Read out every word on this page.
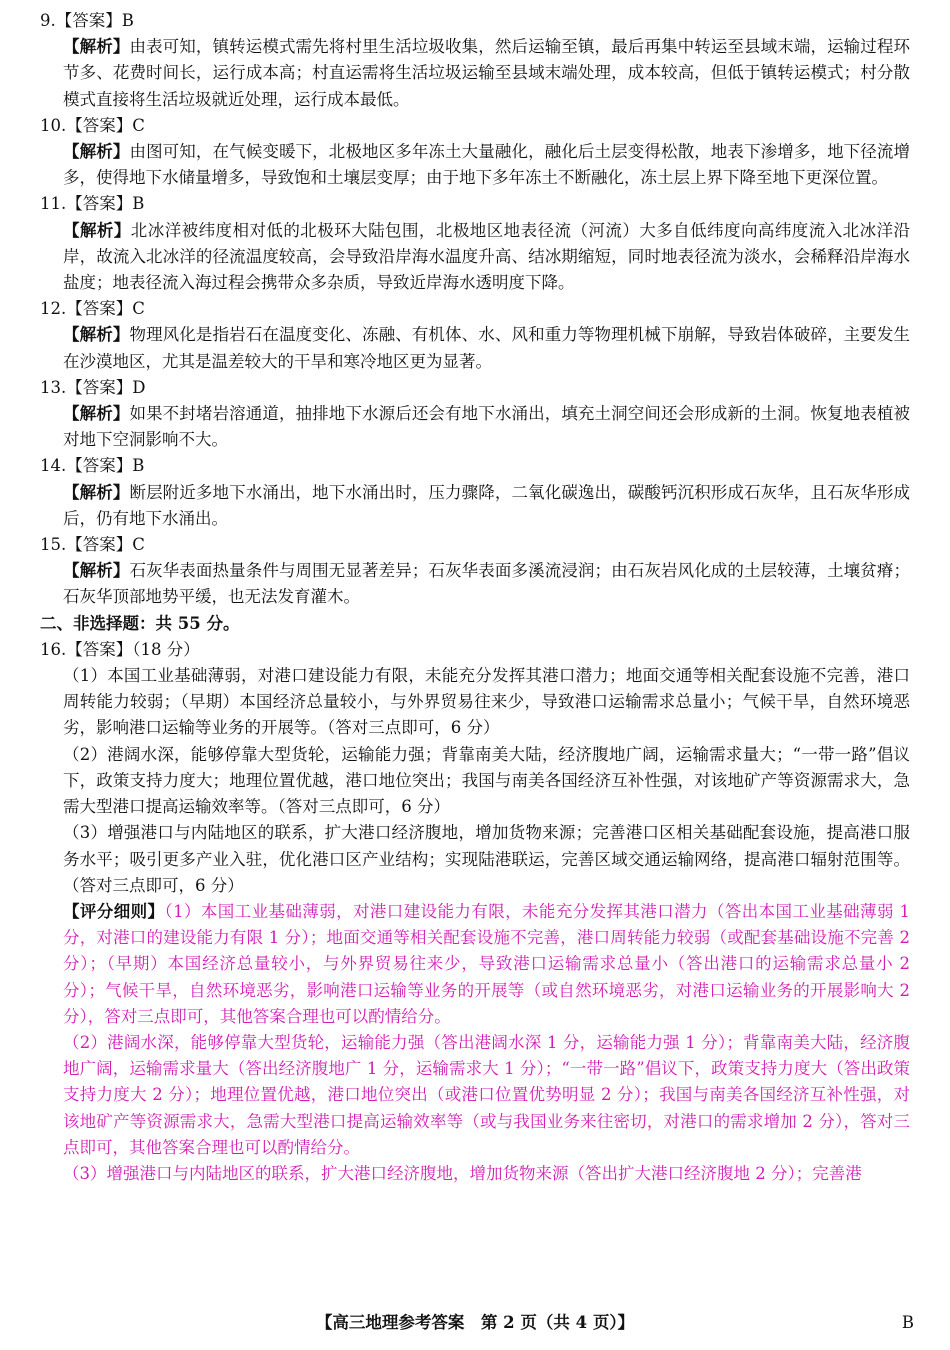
9.【答案】B

【解析】由表可知，镇转运模式需先将村里生活垃圾收集，然后运输至镇，最后再集中转运至县域末端，运输过程环节多、花费时间长，运行成本高；村直运需将生活垃圾运输至县域末端处理，成本较高，但低于镇转运模式；村分散模式直接将生活垃圾就近处理，运行成本最低。

10.【答案】C

【解析】由图可知，在气候变暖下，北极地区多年冻土大量融化，融化后土层变得松散，地表下渗增多，地下径流增多，使得地下水储量增多，导致饱和土壤层变厚；由于地下多年冻土不断融化，冻土层上界下降至地下更深位置。

11.【答案】B

【解析】北冰洋被纬度相对低的北极环大陆包围，北极地区地表径流（河流）大多自低纬度向高纬度流入北冰洋沿岸，故流入北冰洋的径流温度较高，会导致沿岸海水温度升高、结冰期缩短，同时地表径流为淡水，会稀释沿岸海水盐度；地表径流入海过程会携带众多杂质，导致近岸海水透明度下降。

12.【答案】C

【解析】物理风化是指岩石在温度变化、冻融、有机体、水、风和重力等物理机械下崩解，导致岩体破碎，主要发生在沙漠地区，尤其是温差较大的干旱和寒冷地区更为显著。

13.【答案】D

【解析】如果不封堵岩溶通道，抽排地下水源后还会有地下水涌出，填充土洞空间还会形成新的土洞。恢复地表植被对地下空洞影响不大。

14.【答案】B

【解析】断层附近多地下水涌出，地下水涌出时，压力骤降，二氧化碳逸出，碳酸钙沉积形成石灰华，且石灰华形成后，仍有地下水涌出。

15.【答案】C

【解析】石灰华表面热量条件与周围无显著差异；石灰华表面多溪流浸润；由石灰岩风化成的土层较薄，土壤贫瘠；石灰华顶部地势平缓，也无法发育灌木。

二、非选择题：共 55 分。

16.【答案】（18 分）

（1）本国工业基础薄弱，对港口建设能力有限，未能充分发挥其港口潜力；地面交通等相关配套设施不完善，港口周转能力较弱；（早期）本国经济总量较小，与外界贸易往来少，导致港口运输需求总量小；气候干旱，自然环境恶劣，影响港口运输等业务的开展等。（答对三点即可，6 分）

（2）港阔水深，能够停靠大型货轮，运输能力强；背靠南美大陆，经济腹地广阔，运输需求量大；“一带一路”倡议下，政策支持力度大；地理位置优越，港口地位突出；我国与南美各国经济互补性强，对该地矿产等资源需求大，急需大型港口提高运输效率等。（答对三点即可，6 分）

（3）增强港口与内陆地区的联系，扩大港口经济腹地，增加货物来源；完善港口区相关基础配套设施，提高港口服务水平；吸引更多产业入驻，优化港口区产业结构；实现陆港联运，完善区域交通运输网络，提高港口辐射范围等。（答对三点即可，6 分）

【评分细则】（1）本国工业基础薄弱，对港口建设能力有限，未能充分发挥其港口潜力（答出本国工业基础薄弱 1 分，对港口的建设能力有限 1 分）；地面交通等相关配套设施不完善，港口周转能力较弱（或配套基础设施不完善 2 分）；（早期）本国经济总量较小，与外界贸易往来少，导致港口运输需求总量小（答出港口的运输需求总量小 2 分）；气候干旱，自然环境恶劣，影响港口运输等业务的开展等（或自然环境恶劣，对港口运输业务的开展影响大 2 分），答对三点即可，其他答案合理也可以酌情给分。

（2）港阔水深，能够停靠大型货轮，运输能力强（答出港阔水深 1 分，运输能力强 1 分）；背靠南美大陆，经济腹地广阔，运输需求量大（答出经济腹地广 1 分，运输需求大 1 分）；“一带一路”倡议下，政策支持力度大（答出政策支持力度大 2 分）；地理位置优越，港口地位突出（或港口位置优势明显 2 分）；我国与南美各国经济互补性强，对该地矿产等资源需求大，急需大型港口提高运输效率等（或与我国业务来往密切，对港口的需求增加 2 分），答对三点即可，其他答案合理也可以酌情给分。

（3）增强港口与内陆地区的联系，扩大港口经济腹地，增加货物来源（答出扩大港口经济腹地 2 分）；完善港

【高三地理参考答案　第 2 页（共 4 页）】	B
